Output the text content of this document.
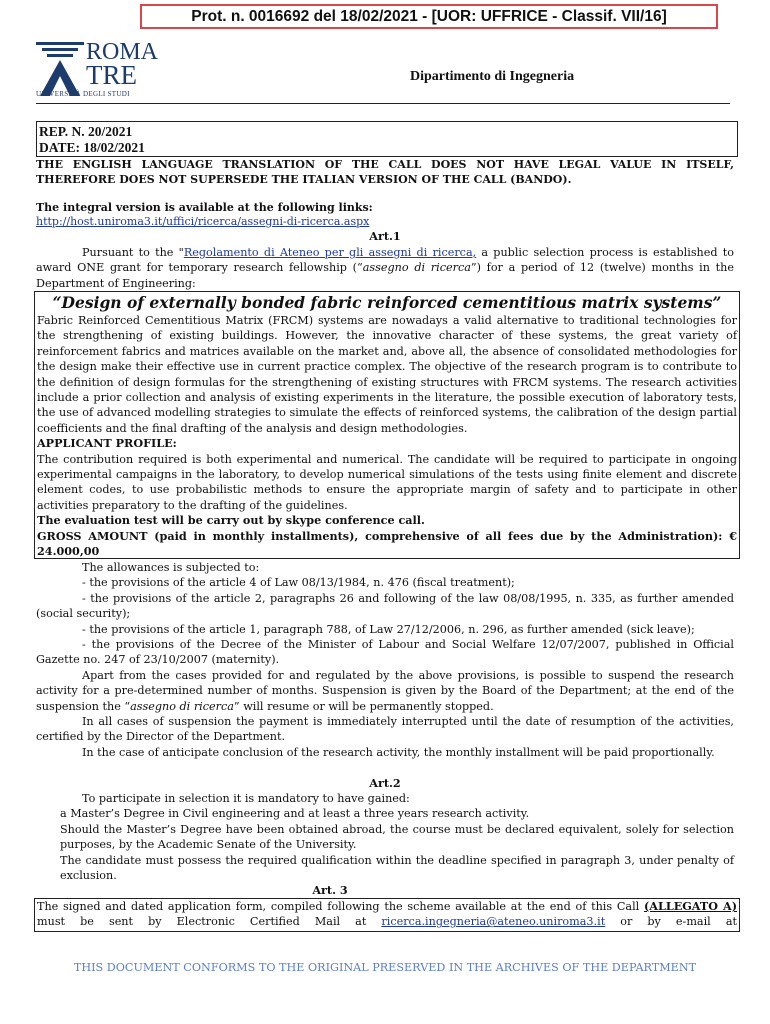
Prot. n. 0016692 del 18/02/2021 - [UOR: UFFRICE - Classif. VII/16]
ROMA
TRE
UNIVERSITÀ DEGLI STUDI
Dipartimento di Ingegneria
REP. N. 20/2021
DATE: 18/02/2021
THE ENGLISH LANGUAGE TRANSLATION OF THE CALL DOES NOT HAVE LEGAL VALUE IN ITSELF, THEREFORE DOES NOT SUPERSEDE THE ITALIAN VERSION OF THE CALL (BANDO).
The integral version is available at the following links:
http://host.uniroma3.it/uffici/ricerca/assegni-di-ricerca.aspx
Art.1
Pursuant to the "Regolamento di Ateneo per gli assegni di ricerca, a public selection process is established to award ONE grant for temporary research fellowship (“assegno di ricerca”) for a period of 12 (twelve) months in the Department of Engineering:
“Design of externally bonded fabric reinforced cementitious matrix systems”
Fabric Reinforced Cementitious Matrix (FRCM) systems are nowadays a valid alternative to traditional technologies for the strengthening of existing buildings. However, the innovative character of these systems, the great variety of reinforcement fabrics and matrices available on the market and, above all, the absence of consolidated methodologies for the design make their effective use in current practice complex. The objective of the research program is to contribute to the definition of design formulas for the strengthening of existing structures with FRCM systems. The research activities include a prior collection and analysis of existing experiments in the literature, the possible execution of laboratory tests, the use of advanced modelling strategies to simulate the effects of reinforced systems, the calibration of the design partial coefficients and the final drafting of the analysis and design methodologies.
APPLICANT PROFILE:
The contribution required is both experimental and numerical. The candidate will be required to participate in ongoing experimental campaigns in the laboratory, to develop numerical simulations of the tests using finite element and discrete element codes, to use probabilistic methods to ensure the appropriate margin of safety and to participate in other activities preparatory to the drafting of the guidelines.
The evaluation test will be carry out by skype conference call.
GROSS AMOUNT (paid in monthly installments), comprehensive of all fees due by the Administration): € 24.000,00
The allowances is subjected to:
- the provisions of the article 4 of Law 08/13/1984, n. 476 (fiscal treatment);
- the provisions of the article 2, paragraphs 26 and following of the law 08/08/1995, n. 335, as further amended (social security);
- the provisions of the article 1, paragraph 788, of Law 27/12/2006, n. 296, as further amended (sick leave);
- the provisions of the Decree of the Minister of Labour and Social Welfare 12/07/2007, published in Official Gazette no. 247 of 23/10/2007 (maternity).
Apart from the cases provided for and regulated by the above provisions, is possible to suspend the research activity for a pre-determined number of months. Suspension is given by the Board of the Department; at the end of the suspension the “assegno di ricerca” will resume or will be permanently stopped.
In all cases of suspension the payment is immediately interrupted until the date of resumption of the activities, certified by the Director of the Department.
In the case of anticipate conclusion of the research activity, the monthly installment will be paid proportionally.
Art.2
To participate in selection it is mandatory to have gained:
a Master’s Degree in Civil engineering and at least a three years research activity.
Should the Master’s Degree have been obtained abroad, the course must be declared equivalent, solely for selection purposes, by the Academic Senate of the University.
The candidate must possess the required qualification within the deadline specified in paragraph 3, under penalty of exclusion.
Art. 3
The signed and dated application form, compiled following the scheme available at the end of this Call (ALLEGATO A) must be sent by Electronic Certified Mail at ricerca.ingegneria@ateneo.uniroma3.it or by e-mail at
THIS DOCUMENT CONFORMS TO THE ORIGINAL PRESERVED IN THE ARCHIVES OF THE DEPARTMENT
